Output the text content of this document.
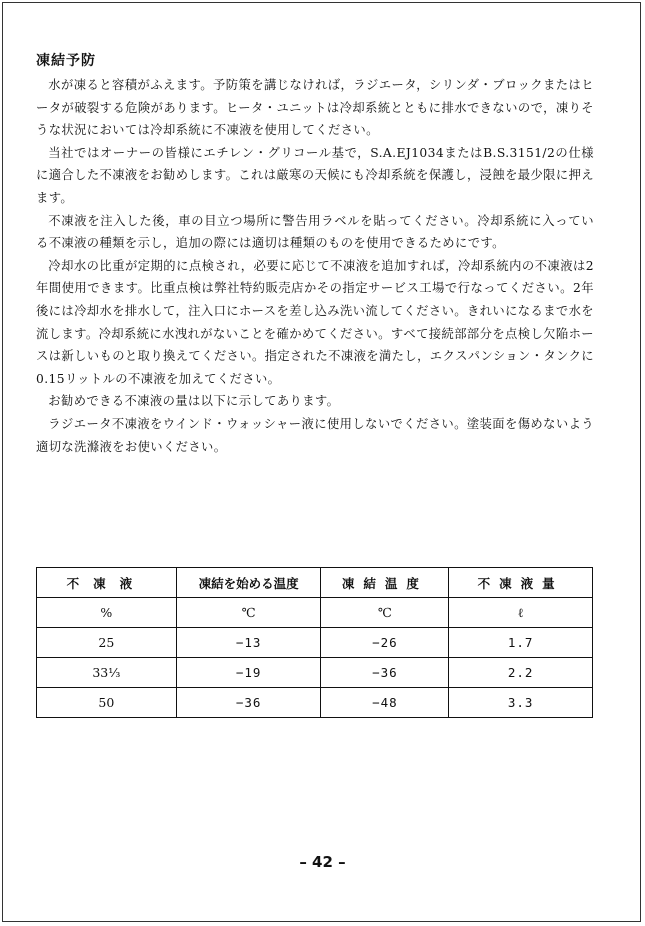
凍結予防

水が凍ると容積がふえます。予防策を講じなければ，ラジエータ，シリンダ・ブロックまたはヒータが破裂する危険があります。ヒータ・ユニットは冷却系統とともに排水できないので，凍りそうな状況においては冷却系統に不凍液を使用してください。

当社ではオーナーの皆様にエチレン・グリコール基で，S.A.EJ1034またはB.S.3151/2の仕様に適合した不凍液をお勧めします。これは厳寒の天候にも冷却系統を保護し，浸蝕を最少限に押えます。

不凍液を注入した後，車の目立つ場所に警告用ラベルを貼ってください。冷却系統に入っている不凍液の種類を示し，追加の際には適切は種類のものを使用できるためにです。

冷却水の比重が定期的に点検され，必要に応じて不凍液を追加すれば，冷却系統内の不凍液は2年間使用できます。比重点検は弊社特約販売店かその指定サービス工場で行なってください。2年後には冷却水を排水して，注入口にホースを差し込み洗い流してください。きれいになるまで水を流します。冷却系統に水洩れがないことを確かめてください。すべて接続部部分を点検し欠陥ホースは新しいものと取り換えてください。指定された不凍液を満たし，エクスパンション・タンクに0.15リットルの不凍液を加えてください。

お勧めできる不凍液の量は以下に示してあります。

ラジエータ不凍液をウインド・ウォッシャー液に使用しないでください。塗装面を傷めないよう適切な洗滌液をお使いください。

不凍液	凍結を始める温度	凍結温度	不凍液量
%	℃	℃	ℓ
25	−13	−26	1.7
33⅓	−19	−36	2.2
50	−36	−48	3.3
– 42 –
